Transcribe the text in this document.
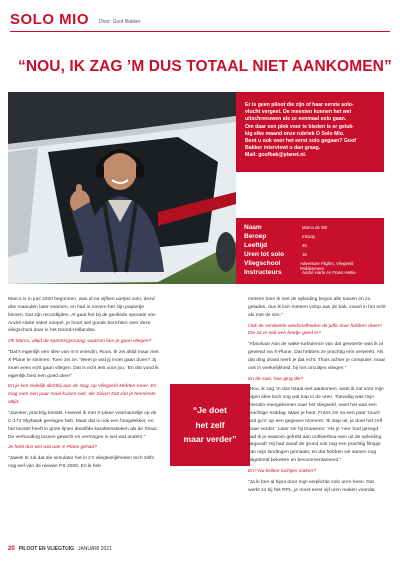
SOLO MIO Door: Goof Bakker
“NOU, IK ZAG ’M DUS TOTAAL NIET AANKOMEN”

Er is geen piloot die zijn of haar eerste solo-
vlucht vergeet. De meesten kunnen het wel
uitschreeuwen als ze eenmaal solo gaan.
Om daar een plek voor te bieden is er geluk-
kig elke maand onze rubriek O Solo Mio.
Bent u ook voor het eerst solo gegaan? Goof
Bakker interviewt u dan graag.
Mail: goofbak@planet.nl.

Naam	Marco de Wit
Beroep	Inkoop
Leeftijd	46
Uren tot solo	15
Vliegschool	Adventure Flights, Vliegveld Middenmeer
Instructeurs	André Harte en Frans Hettie

Marco is in juni 2020 begonnen, was al na vijftien uurtjes solo, deed drie maanden later examen, en had in novem-ber zijn papiertje binnen. Dat zijn recordtijden. Al gaat het bij de geoliede operatie van André Harte vaker soepel, je hoort wel goede berichten over deze vliegschool daar in het Noord-Hollandse.

Ok Marco, altijd de spanningsvraag: waarom ben je gaan vliegen?

“Dat’s eigenlijk een idee van m’n vriendin, Roos. Ik zei altijd maar met X-Plane te simmen. Toen zei ze: ‘Weet je wat jij moet gaan doen? Jij moet eens echt gaan vliegen. Dat is echt iets voor jou.’ En dat vond ik eigenlijk best een goed idee!”

En je kon redelijk dichtbij aan de slag, op Vliegveld Midden-meer. En mag men een paar maal kuisen ook, die Sinus! Dat ziet je tenminste altijd.

“Jazeker, prachtig toestel. Hoewel ik met X-plane voornamelijk op de C-172 Skyhawk gevlogen heb. Maar dat is ook een hoogdekker, en het toestel heeft in grote lijnen dezelfde karakteristieken als de Sinus. De verhouding tussen gewicht en vermogen is wel wat anders.”

Je hebt dus wel wat aan X-Plane gehad?

“Jawel! Ik zal dat die simulator het in z’n vlieglesrijkheden toch zelfs nog wel van de nieuwe FS-2020. En ik heb

“Je doet
het zelf
maar verder”

meteen toen ik met de opleiding begon alle tussen en zo geladen, dus ik kon meteen volop aan de bak, zowel in het echt als met de sim.”

Ook de verdeelde windsnelheden de juffe door hebben doen? Die zit er ook een beetje goed in?

“Absoluut! Aan de wake-turbulence van dat gewoerte was ik al gewend via X-Plane. Dat hebben ze prachtig erin verwerkt. Als dat ding draait merk je dat echt. Thuis achter je computer, maar ook in werkelijkheid, bij het circuitjes vliegen.”

En de solo, hoe ging die?

“Nou, ik zag ’m dus totaal niet aankomen, want ik zat voor mijn eigen idee toch nog wat kop in de uren. Toevallig was mijn vriendin meegekomen naar het vliegveld, want het was een prachtige middag. Maar je hoor, Frans zei na een paar ‘touch and go’s’ op een gegeven moment: ‘Ik stap uit, je doet het zelf maar verder.’ Later zei hij trouwens: ‘Als je ‘nee’ had gezegd had ik je waarom gefrekt aan ooftwerttou-wen uit de opleiding gegooid!’ Hij had vanaf de grond ook nog een prachtig filmpje van mijn landingen gemaakt, en dat hebben we samen nog uitgebreid bekeken en becommentarieerd.”

En? Nu keiliee lochijes maken?

“Ja ik ben al bijna door mijn verplichte solo uren heen. Dat werkt zo bij het RPL, je moet eerst vijf uren maken voordat

20 PILOOT EN VLIEGTUIG JANUARI 2021
